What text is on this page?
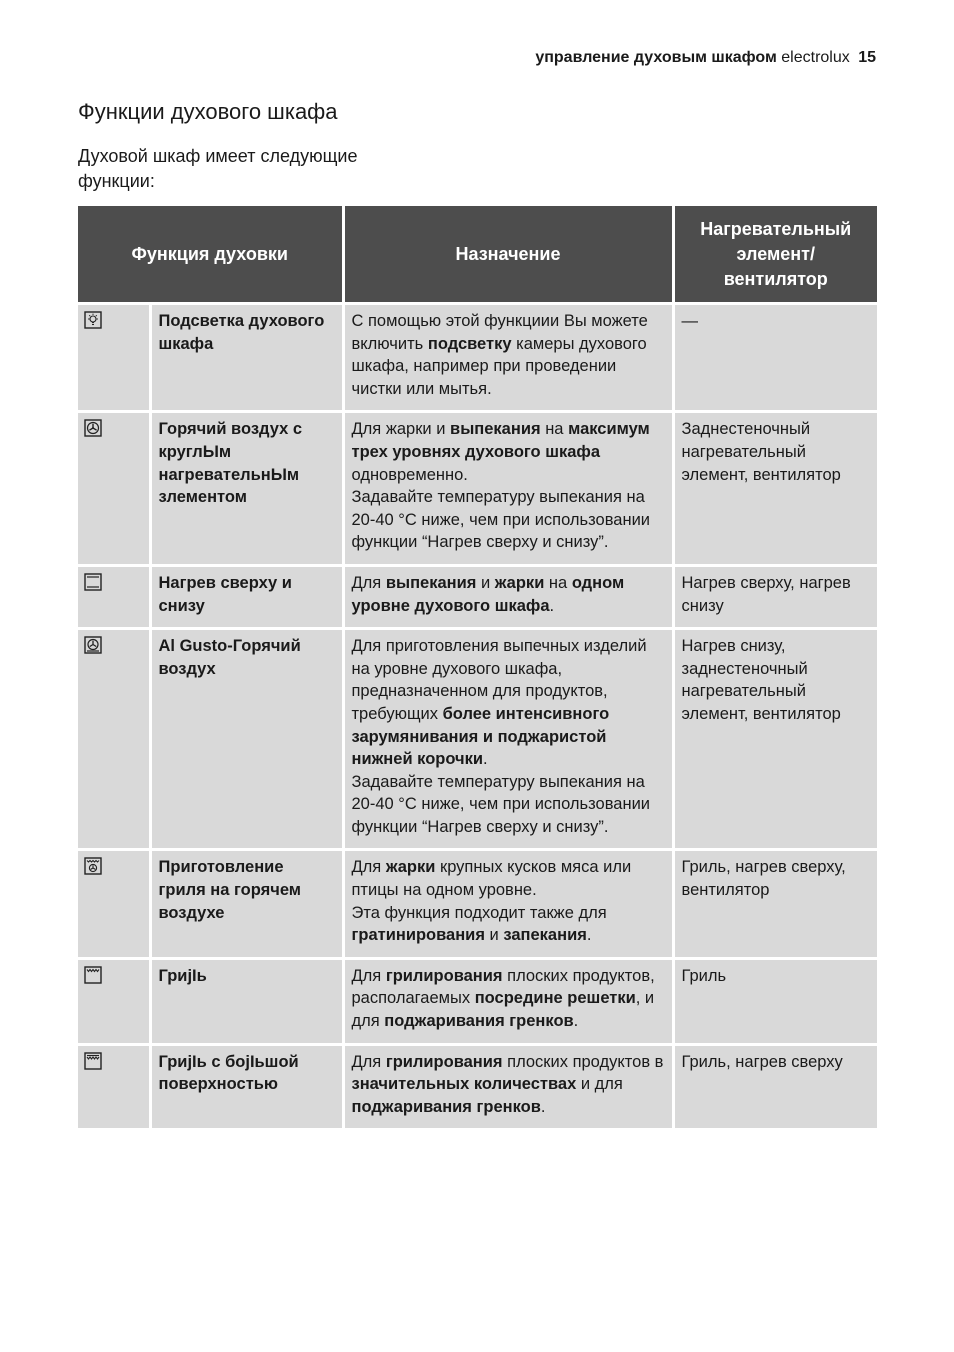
управление духовым шкафом electrolux 15
Функции духового шкафа

Духовой шкаф имеет следующие функции:

Функция духовки		Назначение	Нагревательный элемент/ вентилятор

	Подсветка духового шкафа	С помощью этой функциии Вы можете включить подсветку камеры духового шкафа, например при проведении чистки или мытья.	—

	Горячий воздух с круглЫм нагревательнЫм злементом	Для жарки и выпекания на максимум трех уровнях духового шкафа одновременно.
Задавайте температуру выпекания на 20-40 °С ниже, чем при использовании функции “Нагрев сверху и снизу”.	Заднестеночный нагревательный элемент, вентилятор

	Нагрев сверху и снизу	Для выпекания и жарки на одном уровне духового шкафа.	Нагрев сверху, нагрев снизу

	Al Gusto-Горячий воздух	Для приготовления выпечных изделий на уровне духового шкафа, предназначенном для продуктов, требующих более интенсивного зарумянивания и поджаристой нижней корочки.
Задавайте температуру выпекания на 20-40 °С ниже, чем при использовании функции “Нагрев сверху и снизу”.	Нагрев снизу, заднестеночный нагревательный элемент, вентилятор

	Приготовление гриля на горячем воздухе	Для жарки крупных кусков мяса или птицы на одном уровне.
Эта функция подходит также для гратинирования и запекания.	Гриль, нагрев сверху, вентилятор

	ГриjIь	Для грилирования плоских продуктов, располагаемых посредине решетки, и для поджаривания гренков.	Гриль

	ГриjIь с боjIьшой поверхностью	Для грилирования плоских продуктов в значительных количествах и для поджаривания гренков.	Гриль, нагрев сверху
